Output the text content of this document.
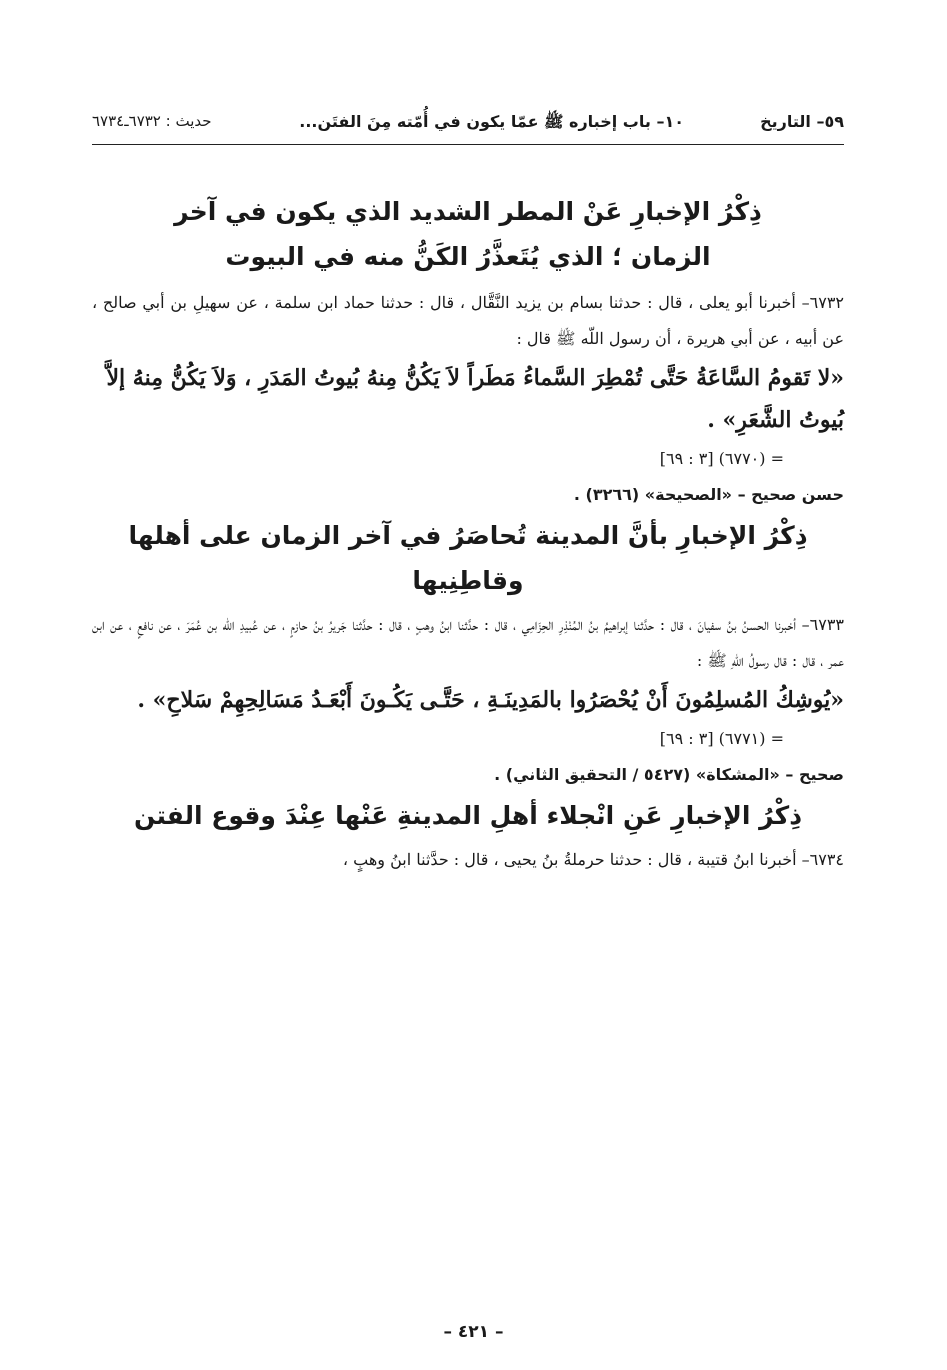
٥٩– التاريخ
١٠– باب إخباره ﷺ عمّا يكون في أُمّته مِنَ الفتَن...
حديث : ٦٧٣٢ـ٦٧٣٤
ذِكْرُ الإخبارِ عَنْ المطر الشديد الذي يكون في آخر
الزمان ؛ الذي يُتَعذَّرُ الكَنُّ منه في البيوت

٦٧٣٢– أخبرنا أبو يعلى ، قال : حدثنا بسام بن يزيد النَّقَّال ، قال : حدثنا حماد ابن سلمة ، عن سهيلِ بن أبي صالح ، عن أبيه ، عن أبي هريرة ، أن رسول اللّه ﷺ قال :

«لا تَقومُ السَّاعَةُ حَتَّى تُمْطِرَ السَّماءُ مَطَراً لاَ يَكُنُّ مِنهُ بُيوتُ المَدَرِ ، وَلاَ يَكُنُّ مِنهُ إلاَّ بُيوتُ الشَّعَرِ» .

= (٦٧٧٠) [٣ : ٦٩]

حسن صحيح – «الصحيحة» (٣٢٦٦) .

ذِكْرُ الإخبارِ بأنَّ المدينة تُحاصَرُ في آخر الزمان على أهلها
وقاطِنِيها

٦٧٣٣– أخبرنا الحسنُ بنُ سفيانَ ، قال : حدَّثنا إبراهيمُ بنُ المُنْذِرِ الحِزَامِي ، قال : حدَّثنا ابنُ وهبٍ ، قال : حدَّثنا جَريرُ بنُ حازمٍ ، عن عُبيدِ اللّه بن عُمَرَ ، عن نافعٍ ، عن ابن عمر ، قال : قال رسولُ اللّهِ ﷺ :

«يُوشِكُ المُسلِمُونَ أَنْ يُحْصَرُوا بالمَدِينَـةِ ، حَتَّـى يَكُـونَ أَبْعَـدُ مَسَالِحِهِمْ سَلاحِ» .

= (٦٧٧١) [٣ : ٦٩]

صحيح – «المشكاة» (٥٤٢٧ / التحقيق الثاني) .

ذِكْرُ الإخبارِ عَنِ انْجلاء أهلِ المدينةِ عَنْها عِنْدَ وقوع الفتن

٦٧٣٤– أخبرنا ابنُ قتيبة ، قال : حدثنا حرملةُ بنُ يحيى ، قال : حدَّثنا ابنُ وهبٍ ،

– ٤٢١ –
